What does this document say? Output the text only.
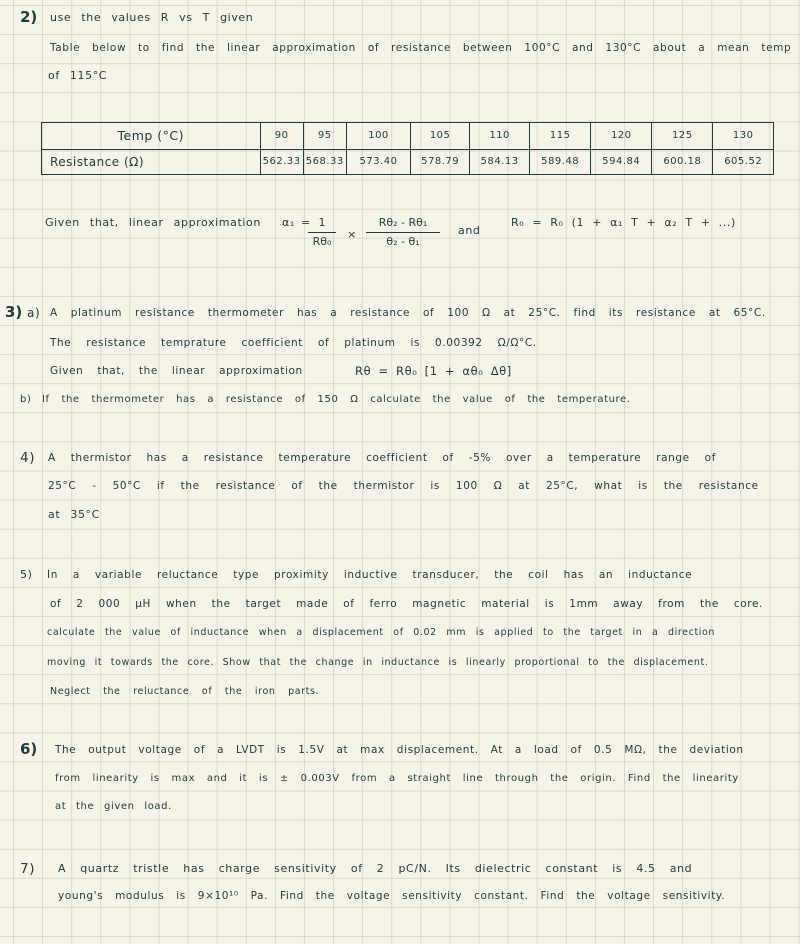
2) use the values R vs T given
Table below to find the linear approximation of resistance between 100°C and 130°C about a mean temp
of 115°C
Temp (°C)	90	95	100	105	110	115	120	125	130
Resistance (Ω)	562.33	568.33	573.40	578.79	584.13	589.48	594.84	600.18	605.52
Given that, linear approximation α₁ = 1
Rθ₀
×
Rθ₂ - Rθ₁
θ₂ - θ₁
and
R₀ = R₀ (1 + α₁ T + α₂ T + ...)
3) a) A platinum resistance thermometer has a resistance of 100 Ω at 25°C. find its resistance at 65°C.
The resistance temprature coefficient of platinum is 0.00392 Ω/Ω°C.
Given that, the linear approximation	Rθ = Rθ₀ [1 + αθ₀ Δθ]
b) If the thermometer has a resistance of 150 Ω calculate the value of the temperature.
4) A thermistor has a resistance temperature coefficient of -5% over a temperature range of
25°C - 50°C if the resistance of the thermistor is 100 Ω at 25°C, what is the resistance
at 35°C
5) In a variable reluctance type proximity inductive transducer, the coil has an inductance
of 2 000 μH when the target made of ferro magnetic material is 1mm away from the core.
calculate the value of inductance when a displacement of 0.02 mm is applied to the target in a direction
moving it towards the core. Show that the change in inductance is linearly proportional to the displacement.
Neglect the reluctance of the iron parts.
6) The output voltage of a LVDT is 1.5V at max displacement. At a load of 0.5 MΩ, the deviation
from linearity is max and it is ± 0.003V from a straight line through the origin. Find the linearity
at the given load.
7) A quartz tristle has charge sensitivity of 2 pC/N. Its dielectric constant is 4.5 and
young's modulus is 9×10¹⁰ Pa. Find the voltage sensitivity constant. Find the voltage sensitivity.
